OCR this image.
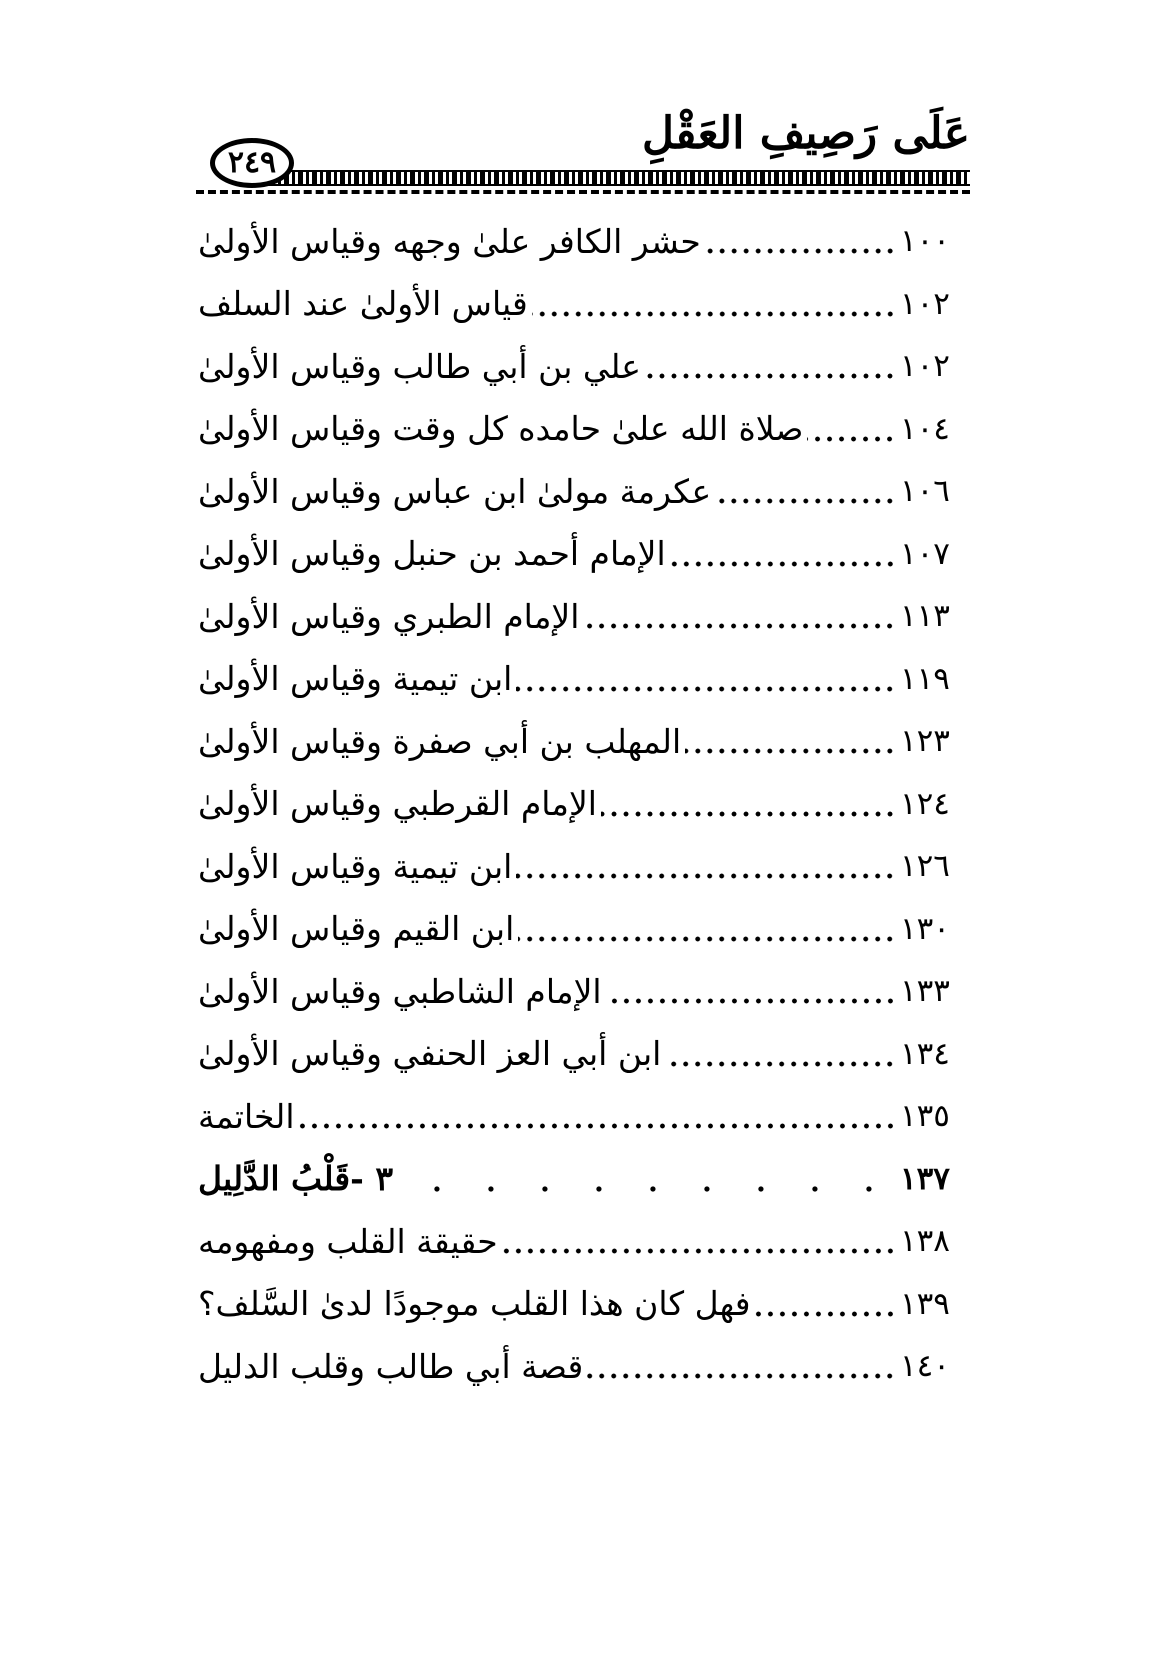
عَلَى رَصِيفِ العَقْلِ
٢٤٩
حشر الكافر علىٰ وجهه وقياس الأولىٰ	١٠٠
قياس الأولىٰ عند السلف	١٠٢
علي بن أبي طالب وقياس الأولىٰ	١٠٢
صلاة الله علىٰ حامده كل وقت وقياس الأولىٰ	١٠٤
عكرمة مولىٰ ابن عباس وقياس الأولىٰ	١٠٦
الإمام أحمد بن حنبل وقياس الأولىٰ	١٠٧
الإمام الطبري وقياس الأولىٰ	١١٣
ابن تيمية وقياس الأولىٰ	١١٩
المهلب بن أبي صفرة وقياس الأولىٰ	١٢٣
الإمام القرطبي وقياس الأولىٰ	١٢٤
ابن تيمية وقياس الأولىٰ	١٢٦
ابن القيم وقياس الأولىٰ	١٣٠
الإمام الشاطبي وقياس الأولىٰ	١٣٣
ابن أبي العز الحنفي وقياس الأولىٰ	١٣٤
الخاتمة	١٣٥
٣ -قَلْبُ الدَّلِيل	١٣٧
حقيقة القلب ومفهومه	١٣٨
فهل كان هذا القلب موجودًا لدىٰ السَّلف؟	١٣٩
قصة أبي طالب وقلب الدليل	١٤٠
